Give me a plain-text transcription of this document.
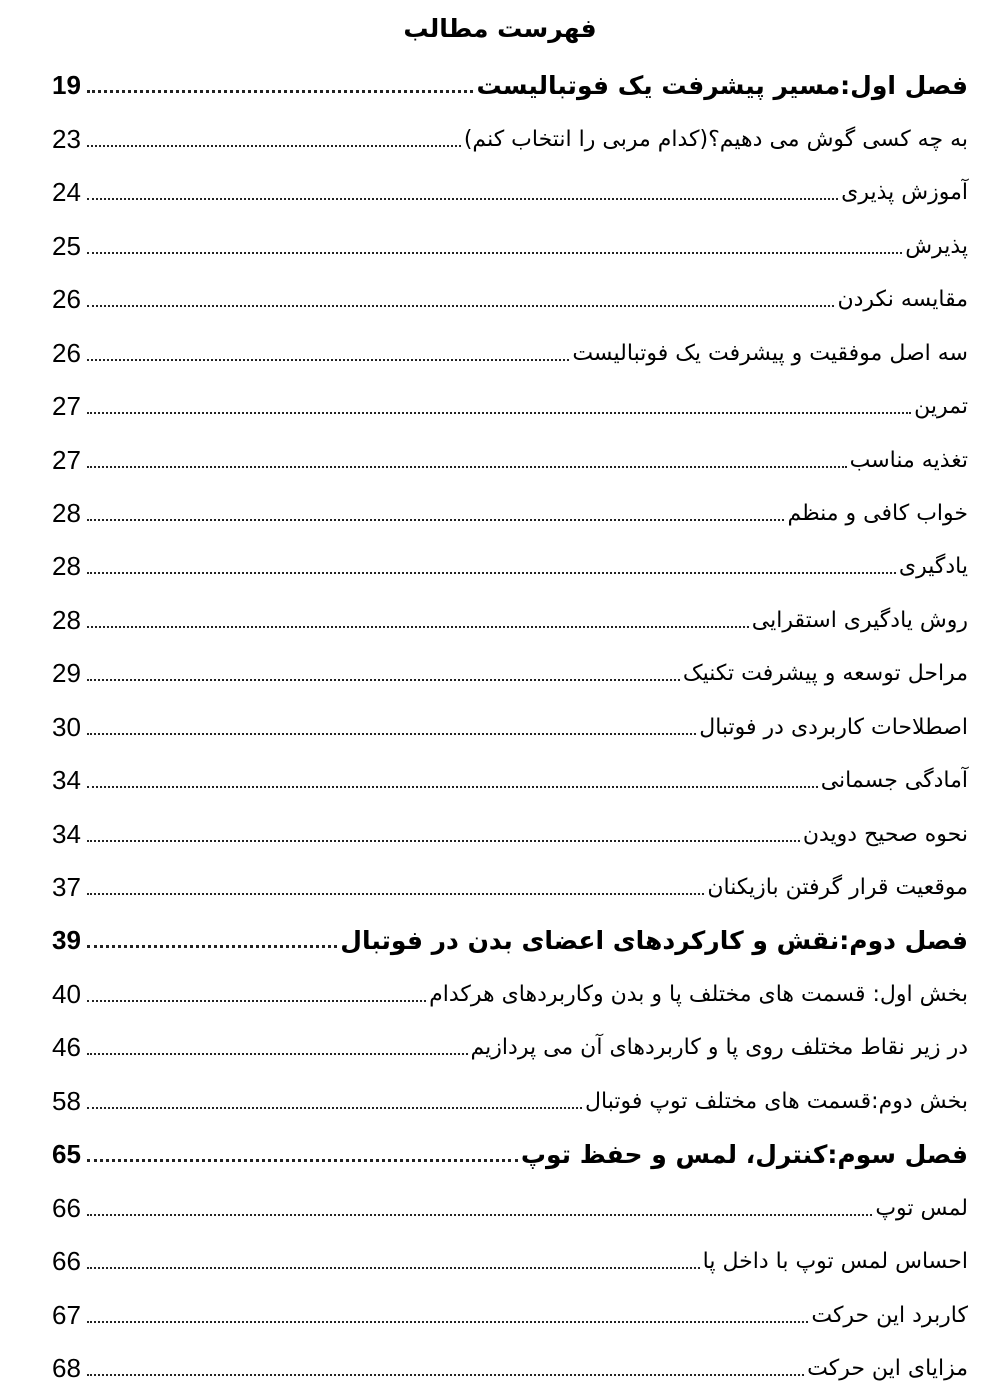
فهرست مطالب
فصل اول:مسیر پیشرفت یک فوتبالیست
19
به چه کسی گوش می دهیم؟(کدام مربی را انتخاب کنم)
23
آموزش پذیری
24
پذیرش
25
مقایسه نکردن
26
سه اصل موفقیت و پیشرفت یک فوتبالیست
26
تمرین
27
تغذیه مناسب
27
خواب کافی و منظم
28
یادگیری
28
روش یادگیری استقرایی
28
مراحل توسعه و پیشرفت تکنیک
29
اصطلاحات کاربردی در فوتبال
30
آمادگی جسمانی
34
نحوه صحیح دویدن
34
موقعیت قرار گرفتن بازیکنان
37
فصل دوم:نقش و کارکردهای اعضای بدن در فوتبال
39
بخش اول: قسمت های مختلف پا و بدن وکاربردهای هرکدام
40
در زیر نقاط مختلف روی پا و کاربردهای آن می پردازیم
46
بخش دوم:قسمت های مختلف توپ فوتبال
58
فصل سوم:کنترل، لمس و حفظ توپ
65
لمس توپ
66
احساس لمس توپ با داخل پا
66
کاربرد این حرکت
67
مزایای این حرکت
68
